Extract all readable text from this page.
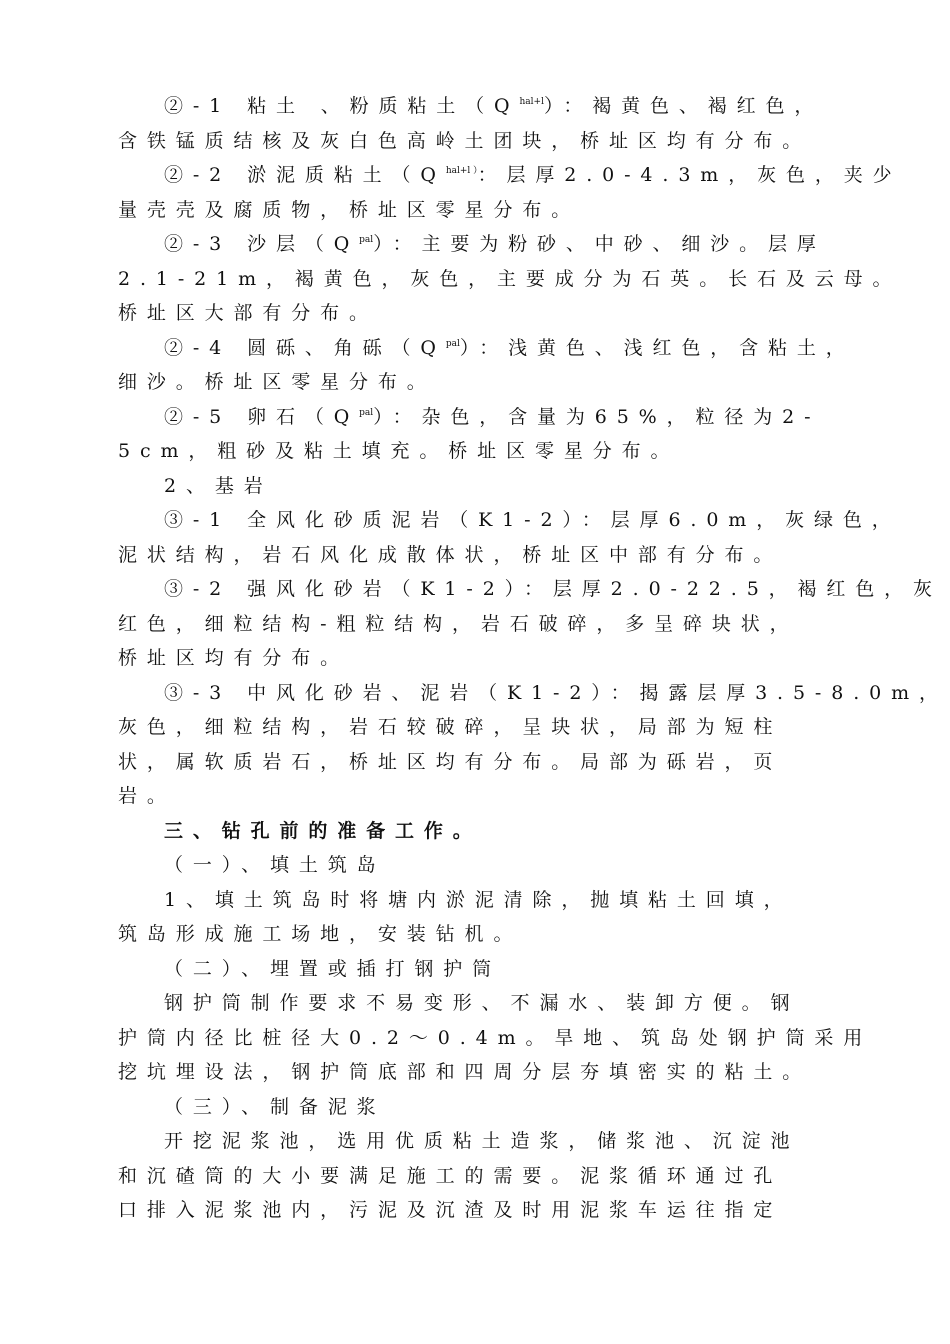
②-1 粘土 、粉质粘土$(Q^{hal+l})$：褐黄色、褐红色，
含铁锰质结核及灰白色高岭土团块，桥址区均有分布。
②-2 淤泥质粘土（$Q^{hal+l )}$：层厚2.0-4.3m，灰色，夹少
量壳壳及腐质物，桥址区零星分布。
②-3 沙层$(Q^{pal})$：主要为粉砂、中砂、细沙。层厚
2.1-21m，褐黄色，灰色，主要成分为石英。长石及云母。
桥址区大部有分布。
②-4 圆砾、角砾$(Q^{pal})$：浅黄色、浅红色，含粘土，
细沙。桥址区零星分布。
②-5 卵石$(Q^{pal})$：杂色，含量为65%，粒径为2-
5cm，粗砂及粘土填充。桥址区零星分布。
2、基岩
③-1 全风化砂质泥岩（K1-2）：层厚6.0m，灰绿色，
泥状结构，岩石风化成散体状，桥址区中部有分布。
③-2 强风化砂岩（K1-2）：层厚2.0-22.5，褐红色，灰
红色，细粒结构-粗粒结构，岩石破碎，多呈碎块状，
桥址区均有分布。
③-3 中风化砂岩、泥岩（K1-2）：揭露层厚3.5-8.0m，
灰色，细粒结构，岩石较破碎，呈块状，局部为短柱
状，属软质岩石，桥址区均有分布。局部为砾岩，页
岩。
三、钻孔前的准备工作。
（一）、填土筑岛
1、填土筑岛时将塘内淤泥清除，抛填粘土回填，
筑岛形成施工场地，安装钻机。
（二）、埋置或插打钢护筒
钢护筒制作要求不易变形、不漏水、装卸方便。钢
护筒内径比桩径大0.2～0.4m。旱地、筑岛处钢护筒采用
挖坑埋设法，钢护筒底部和四周分层夯填密实的粘土。
（三）、制备泥浆
开挖泥浆池，选用优质粘土造浆，储浆池、沉淀池
和沉碴筒的大小要满足施工的需要。泥浆循环通过孔
口排入泥浆池内，污泥及沉渣及时用泥浆车运往指定
